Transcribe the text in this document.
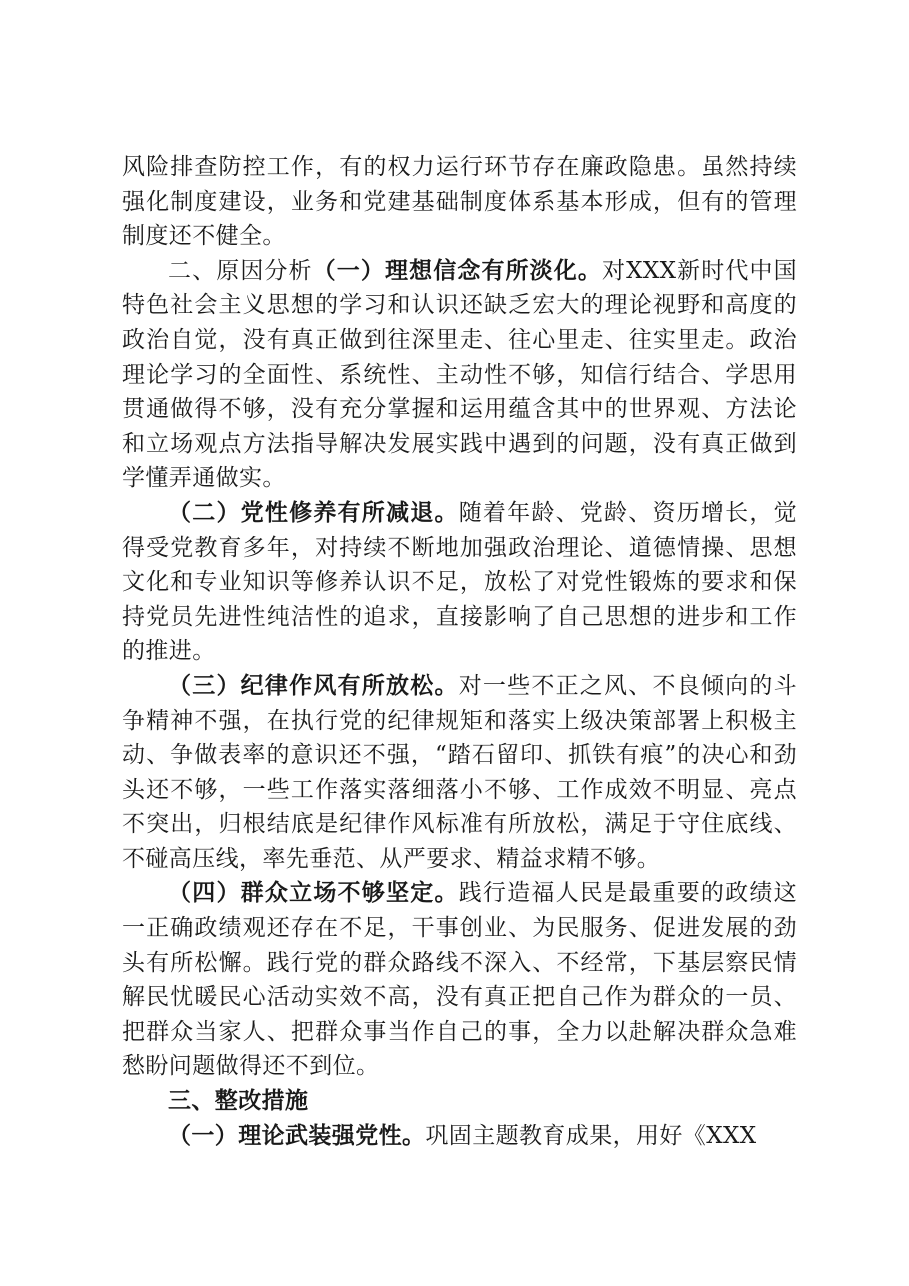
风险排查防控工作，有的权力运行环节存在廉政隐患。虽然持续强化制度建设，业务和党建基础制度体系基本形成，但有的管理制度还不健全。

二、原因分析（一）理想信念有所淡化。对XXX新时代中国特色社会主义思想的学习和认识还缺乏宏大的理论视野和高度的政治自觉，没有真正做到往深里走、往心里走、往实里走。政治理论学习的全面性、系统性、主动性不够，知信行结合、学思用贯通做得不够，没有充分掌握和运用蕴含其中的世界观、方法论和立场观点方法指导解决发展实践中遇到的问题，没有真正做到学懂弄通做实。

（二）党性修养有所减退。随着年龄、党龄、资历增长，觉得受党教育多年，对持续不断地加强政治理论、道德情操、思想文化和专业知识等修养认识不足，放松了对党性锻炼的要求和保持党员先进性纯洁性的追求，直接影响了自己思想的进步和工作的推进。

（三）纪律作风有所放松。对一些不正之风、不良倾向的斗争精神不强，在执行党的纪律规矩和落实上级决策部署上积极主动、争做表率的意识还不强，“踏石留印、抓铁有痕”的决心和劲头还不够，一些工作落实落细落小不够、工作成效不明显、亮点不突出，归根结底是纪律作风标准有所放松，满足于守住底线、不碰高压线，率先垂范、从严要求、精益求精不够。

（四）群众立场不够坚定。践行造福人民是最重要的政绩这一正确政绩观还存在不足，干事创业、为民服务、促进发展的劲头有所松懈。践行党的群众路线不深入、不经常，下基层察民情解民忧暖民心活动实效不高，没有真正把自己作为群众的一员、把群众当家人、把群众事当作自己的事，全力以赴解决群众急难愁盼问题做得还不到位。

三、整改措施

（一）理论武装强党性。巩固主题教育成果，用好《XXX
